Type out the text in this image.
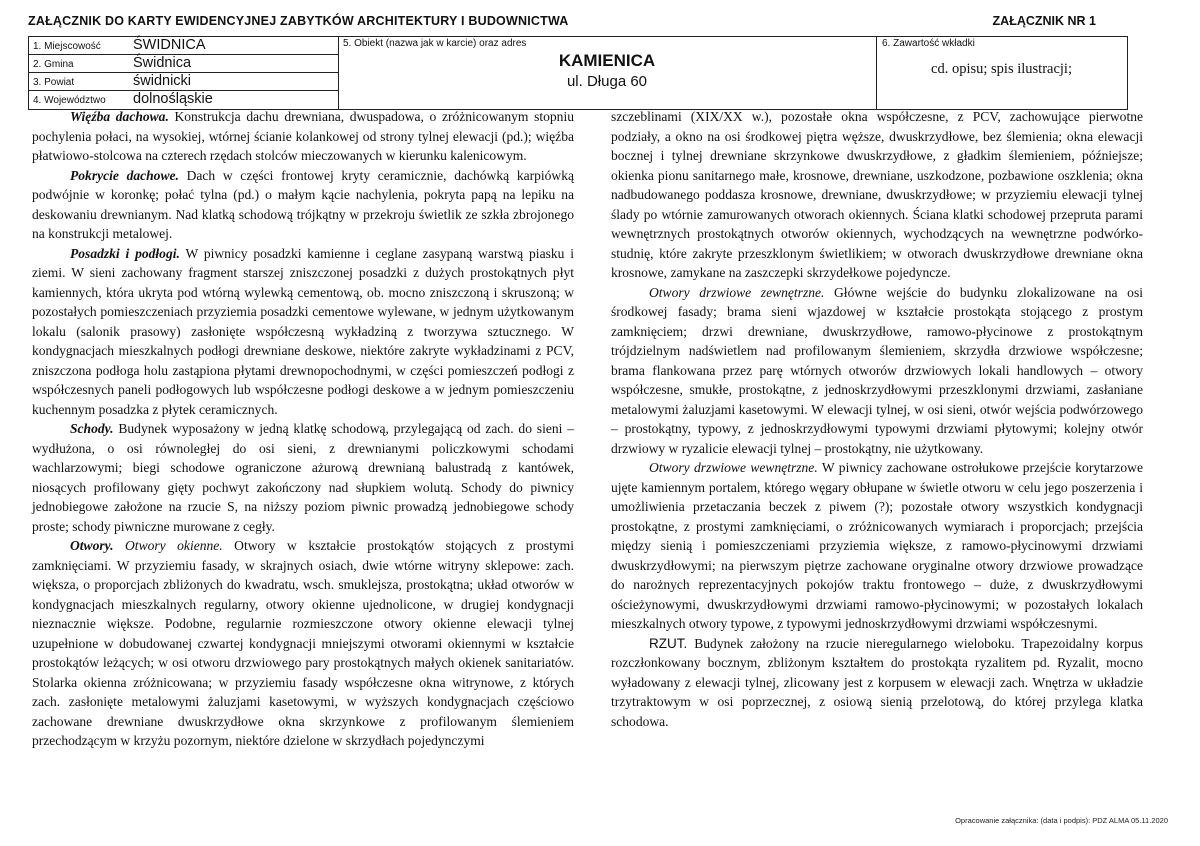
ZAŁĄCZNIK DO KARTY EWIDENCYJNEJ ZABYTKÓW ARCHITEKTURY I BUDOWNICTWA	ZAŁĄCZNIK NR 1
1. Miejscowość ŚWIDNICA
2. Gmina	Świdnica
3. Powiat	świdnicki
4. Województwo dolnośląskie
5. Obiekt (nazwa jak w karcie) oraz adres
KAMIENICA
ul. Długa 60
6. Zawartość wkładki
cd. opisu; spis ilustracji;

Więźba dachowa. Konstrukcja dachu drewniana, dwuspadowa, o zróżnicowanym stopniu pochylenia połaci, na wysokiej, wtórnej ścianie kolankowej od strony tylnej elewacji (pd.); więźba płatwiowo-stolcowa na czterech rzędach stolców mieczowanych w kierunku kalenicowym.

Pokrycie dachowe. Dach w części frontowej kryty ceramicznie, dachówką karpiówką podwójnie w koronkę; połać tylna (pd.) o małym kącie nachylenia, pokryta papą na lepiku na deskowaniu drewnianym. Nad klatką schodową trójkątny w przekroju świetlik ze szkła zbrojonego na konstrukcji metalowej.

Posadzki i podłogi. W piwnicy posadzki kamienne i ceglane zasypaną warstwą piasku i ziemi. W sieni zachowany fragment starszej zniszczonej posadzki z dużych prostokątnych płyt kamiennych, która ukryta pod wtórną wylewką cementową, ob. mocno zniszczoną i skruszoną; w pozostałych pomieszczeniach przyziemia posadzki cementowe wylewane, w jednym użytkowanym lokalu (salonik prasowy) zasłonięte współczesną wykładziną z tworzywa sztucznego. W kondygnacjach mieszkalnych podłogi drewniane deskowe, niektóre zakryte wykładzinami z PCV, zniszczona podłoga holu zastąpiona płytami drewnopochodnymi, w części pomieszczeń podłogi z współczesnych paneli podłogowych lub współczesne podłogi deskowe a w jednym pomieszczeniu kuchennym posadzka z płytek ceramicznych.

Schody. Budynek wyposażony w jedną klatkę schodową, przylegającą od zach. do sieni – wydłużona, o osi równoległej do osi sieni, z drewnianymi policzkowymi schodami wachlarzowymi; biegi schodowe ograniczone ażurową drewnianą balustradą z kantówek, niosących profilowany gięty pochwyt zakończony nad słupkiem wolutą. Schody do piwnicy jednobiegowe założone na rzucie S, na niższy poziom piwnic prowadzą jednobiegowe schody proste; schody piwniczne murowane z cegły.

Otwory. Otwory okienne. Otwory w kształcie prostokątów stojących z prostymi zamknięciami. W przyziemiu fasady, w skrajnych osiach, dwie wtórne witryny sklepowe: zach. większa, o proporcjach zbliżonych do kwadratu, wsch. smuklejsza, prostokątna; układ otworów w kondygnacjach mieszkalnych regularny, otwory okienne ujednolicone, w drugiej kondygnacji nieznacznie większe. Podobne, regularnie rozmieszczone otwory okienne elewacji tylnej uzupełnione w dobudowanej czwartej kondygnacji mniejszymi otworami okiennymi w kształcie prostokątów leżących; w osi otworu drzwiowego pary prostokątnych małych okienek sanitariatów. Stolarka okienna zróżnicowana; w przyziemiu fasady współczesne okna witrynowe, z których zach. zasłonięte metalowymi żaluzjami kasetowymi, w wyższych kondygnacjach częściowo zachowane drewniane dwuskrzydłowe okna skrzynkowe z profilowanym ślemieniem przechodzącym w krzyżu pozornym, niektóre dzielone w skrzydłach pojedynczymi

szczeblinami (XIX/XX w.), pozostałe okna współczesne, z PCV, zachowujące pierwotne podziały, a okno na osi środkowej piętra węższe, dwuskrzydłowe, bez ślemienia; okna elewacji bocznej i tylnej drewniane skrzynkowe dwuskrzydłowe, z gładkim ślemieniem, późniejsze; okienka pionu sanitarnego małe, krosnowe, drewniane, uszkodzone, pozbawione oszklenia; okna nadbudowanego poddasza krosnowe, drewniane, dwuskrzydłowe; w przyziemiu elewacji tylnej ślady po wtórnie zamurowanych otworach okiennych. Ściana klatki schodowej przepruta parami wewnętrznych prostokątnych otworów okiennych, wychodzących na wewnętrzne podwórko-studnię, które zakryte przeszklonym świetlikiem; w otworach dwuskrzydłowe drewniane okna krosnowe, zamykane na zaszczepki skrzydełkowe pojedyncze.

Otwory drzwiowe zewnętrzne. Główne wejście do budynku zlokalizowane na osi środkowej fasady; brama sieni wjazdowej w kształcie prostokąta stojącego z prostym zamknięciem; drzwi drewniane, dwuskrzydłowe, ramowo-płycinowe z prostokątnym trójdzielnym nadświetlem nad profilowanym ślemieniem, skrzydła drzwiowe współczesne; brama flankowana przez parę wtórnych otworów drzwiowych lokali handlowych – otwory współczesne, smukłe, prostokątne, z jednoskrzydłowymi przeszklonymi drzwiami, zasłaniane metalowymi żaluzjami kasetowymi. W elewacji tylnej, w osi sieni, otwór wejścia podwórzowego – prostokątny, typowy, z jednoskrzydłowymi typowymi drzwiami płytowymi; kolejny otwór drzwiowy w ryzalicie elewacji tylnej – prostokątny, nie użytkowany.

Otwory drzwiowe wewnętrzne. W piwnicy zachowane ostrołukowe przejście korytarzowe ujęte kamiennym portalem, którego węgary obłupane w świetle otworu w celu jego poszerzenia i umożliwienia przetaczania beczek z piwem (?); pozostałe otwory wszystkich kondygnacji prostokątne, z prostymi zamknięciami, o zróżnicowanych wymiarach i proporcjach; przejścia między sienią i pomieszczeniami przyziemia większe, z ramowo-płycinowymi drzwiami dwuskrzydłowymi; na pierwszym piętrze zachowane oryginalne otwory drzwiowe prowadzące do narożnych reprezentacyjnych pokojów traktu frontowego – duże, z dwuskrzydłowymi ościeżynowymi, dwuskrzydłowymi drzwiami ramowo-płycinowymi; w pozostałych lokalach mieszkalnych otwory typowe, z typowymi jednoskrzydłowymi drzwiami współczesnymi.

RZUT. Budynek założony na rzucie nieregularnego wieloboku. Trapezoidalny korpus rozczłonkowany bocznym, zbliżonym kształtem do prostokąta ryzalitem pd. Ryzalit, mocno wyładowany z elewacji tylnej, zlicowany jest z korpusem w elewacji zach. Wnętrza w układzie trzytraktowym w osi poprzecznej, z osiową sienią przelotową, do której przylega klatka schodowa.

Opracowanie załącznika: (data i podpis): PDZ ALMA 05.11.2020
